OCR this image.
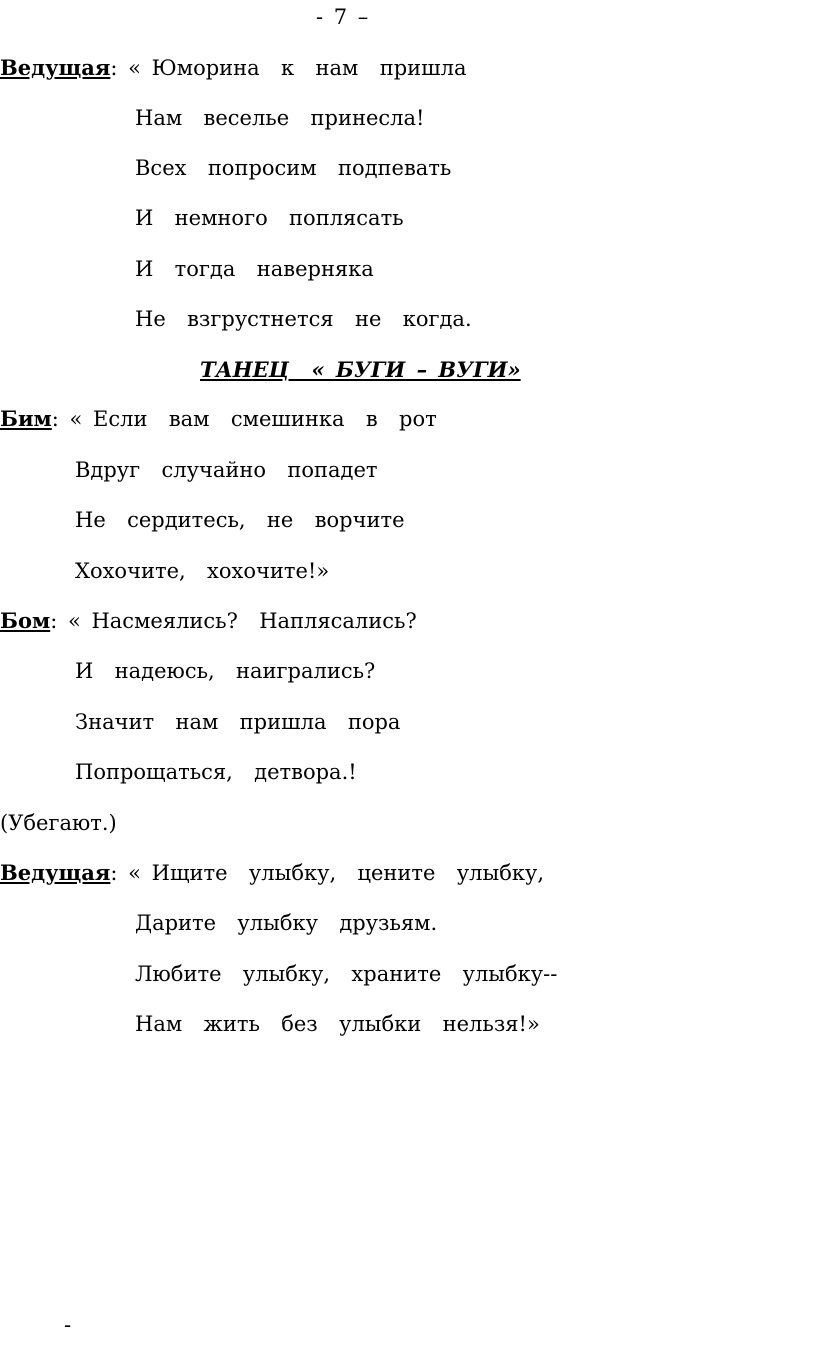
- 7 –
Ведущая: « Юморина  к  нам  пришла
Нам  веселье  принесла!
Всех  попросим  подпевать
И  немного  поплясать
И  тогда  наверняка
Не  взгрустнется  не  когда.
ТАНЕЦ  « БУГИ – ВУГИ»
Бим: « Если  вам  смешинка  в  рот
Вдруг  случайно  попадет
Не  сердитесь,  не  ворчите
Хохочите,  хохочите!»
Бом: « Насмеялись?  Наплясались?
И  надеюсь,  наигрались?
Значит  нам  пришла  пора
Попрощаться,  детвора.!
(Убегают.)
Ведущая: « Ищите  улыбку,  цените  улыбку,
Дарите  улыбку  друзьям.
Любите  улыбку,  храните  улыбку--
Нам  жить  без  улыбки  нельзя!»
-
